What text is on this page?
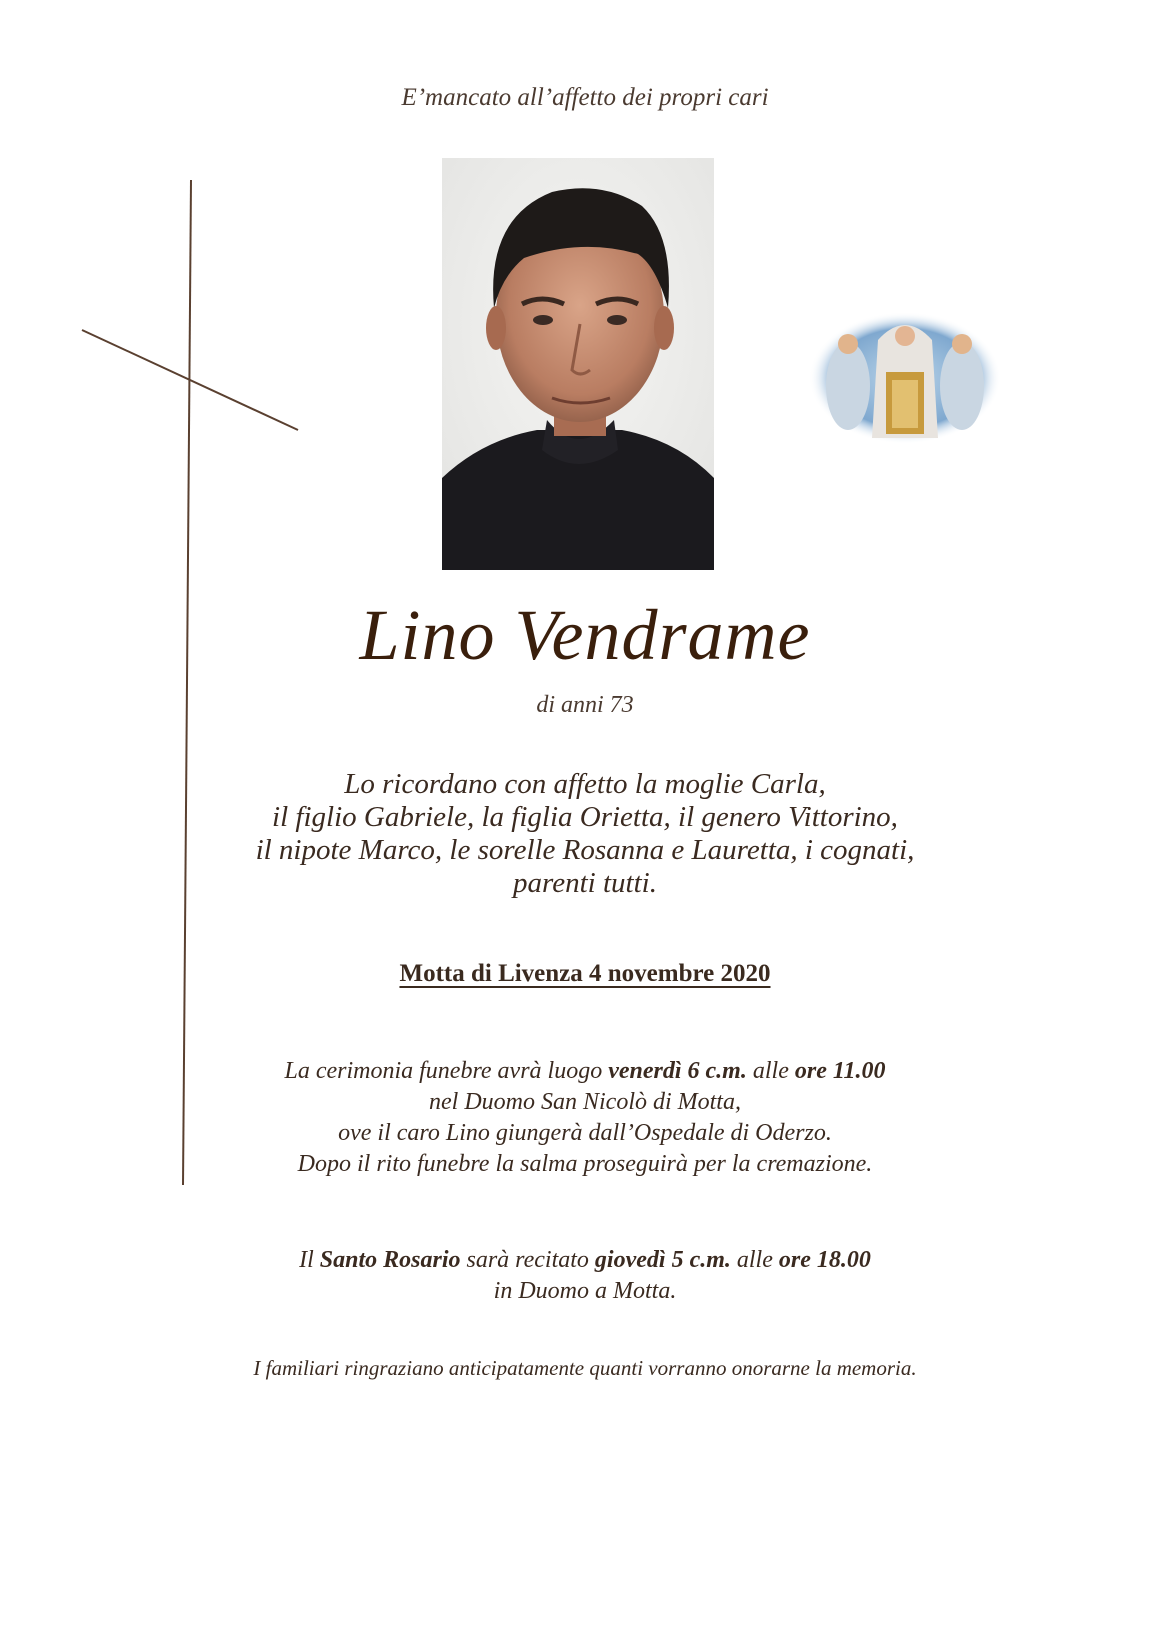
E’mancato all’affetto dei propri cari
Lino Vendrame
di anni 73
Lo ricordano con affetto la moglie Carla,
il figlio Gabriele, la figlia Orietta, il genero Vittorino,
il nipote Marco, le sorelle Rosanna e Lauretta, i cognati,
parenti tutti.
Motta di Livenza 4 novembre 2020
La cerimonia funebre avrà luogo venerdì 6 c.m. alle ore 11.00
nel Duomo San Nicolò di Motta,
ove il caro Lino giungerà dall’Ospedale di Oderzo.
Dopo il rito funebre la salma proseguirà per la cremazione.
Il Santo Rosario sarà recitato giovedì 5 c.m. alle ore 18.00
in Duomo a Motta.
I familiari ringraziano anticipatamente quanti vorranno onorarne la memoria.
